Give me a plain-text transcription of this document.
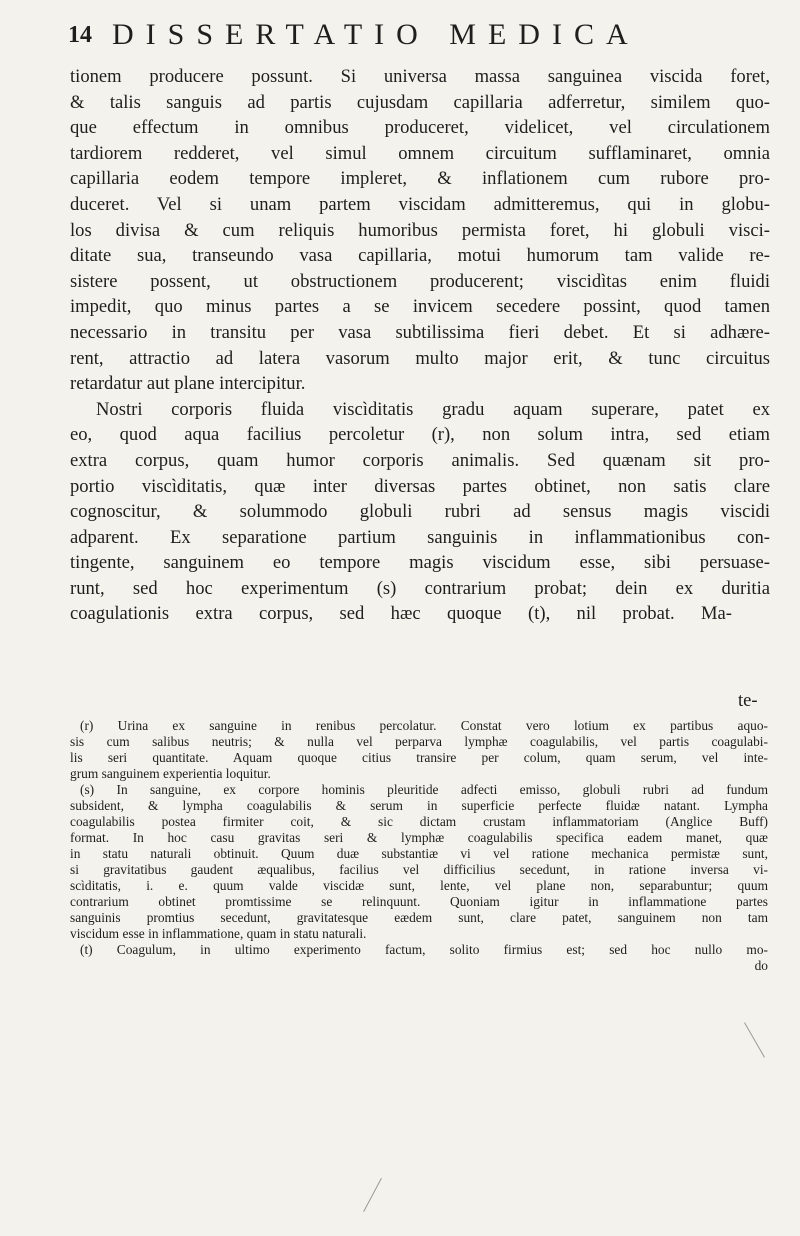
14 DISSERTATIO MEDICA
tionem producere possunt. Si universa massa sanguinea viscida foret,
& talis sanguis ad partis cujusdam capillaria adferretur, similem quo-
que effectum in omnibus produceret, videlicet, vel circulationem
tardiorem redderet, vel simul omnem circuitum sufflaminaret, omnia
capillaria eodem tempore impleret, & inflationem cum rubore pro-
duceret. Vel si unam partem viscidam admitteremus, qui in globu-
los divisa & cum reliquis humoribus permista foret, hi globuli visci-
ditate sua, transeundo vasa capillaria, motui humorum tam valide re-
sistere possent, ut obstructionem producerent; viscidìtas enim fluidi
impedit, quo minus partes a se invicem secedere possint, quod tamen
necessario in transitu per vasa subtilissima fieri debet. Et si adhære-
rent, attractio ad latera vasorum multo major erit, & tunc circuitus
retardatur aut plane intercipitur.
Nostri corporis fluida viscìditatis gradu aquam superare, patet ex
eo, quod aqua facilius percoletur (r), non solum intra, sed etiam
extra corpus, quam humor corporis animalis. Sed quænam sit pro-
portio viscìditatis, quæ inter diversas partes obtinet, non satis clare
cognoscitur, & solummodo globuli rubri ad sensus magis viscidi
adparent. Ex separatione partium sanguinis in inflammationibus con-
tingente, sanguinem eo tempore magis viscidum esse, sibi persuase-
runt, sed hoc experimentum (s) contrarium probat; dein ex duritia
coagulationis extra corpus, sed hæc quoque (t), nil probat. Ma-
te-
(r) Urina ex sanguine in renibus percolatur. Constat vero lotium ex partibus aquo-
sis cum salibus neutris; & nulla vel perparva lymphæ coagulabilis, vel partis coagulabi-
lis seri quantitate. Aquam quoque citius transire per colum, quam serum, vel inte-
grum sanguinem experientia loquitur.
(s) In sanguine, ex corpore hominis pleuritide adfecti emisso, globuli rubri ad fundum
subsident, & lympha coagulabilis & serum in superficie perfecte fluidæ natant. Lympha
coagulabilis postea firmiter coit, & sic dictam crustam inflammatoriam (Anglice Buff)
format. In hoc casu gravitas seri & lymphæ coagulabilis specifica eadem manet, quæ
in statu naturali obtinuit. Quum duæ substantiæ vi vel ratione mechanica permistæ sunt,
si gravitatibus gaudent æqualibus, facilius vel difficilius secedunt, in ratione inversa vi-
scìditatis, i. e. quum valde viscidæ sunt, lente, vel plane non, separabuntur; quum
contrarium obtinet promtissime se relinquunt. Quoniam igitur in inflammatione partes
sanguinis promtius secedunt, gravitatesque eædem sunt, clare patet, sanguinem non tam
viscidum esse in inflammatione, quam in statu naturali.
(t) Coagulum, in ultimo experimento factum, solito firmius est; sed hoc nullo mo-
do
